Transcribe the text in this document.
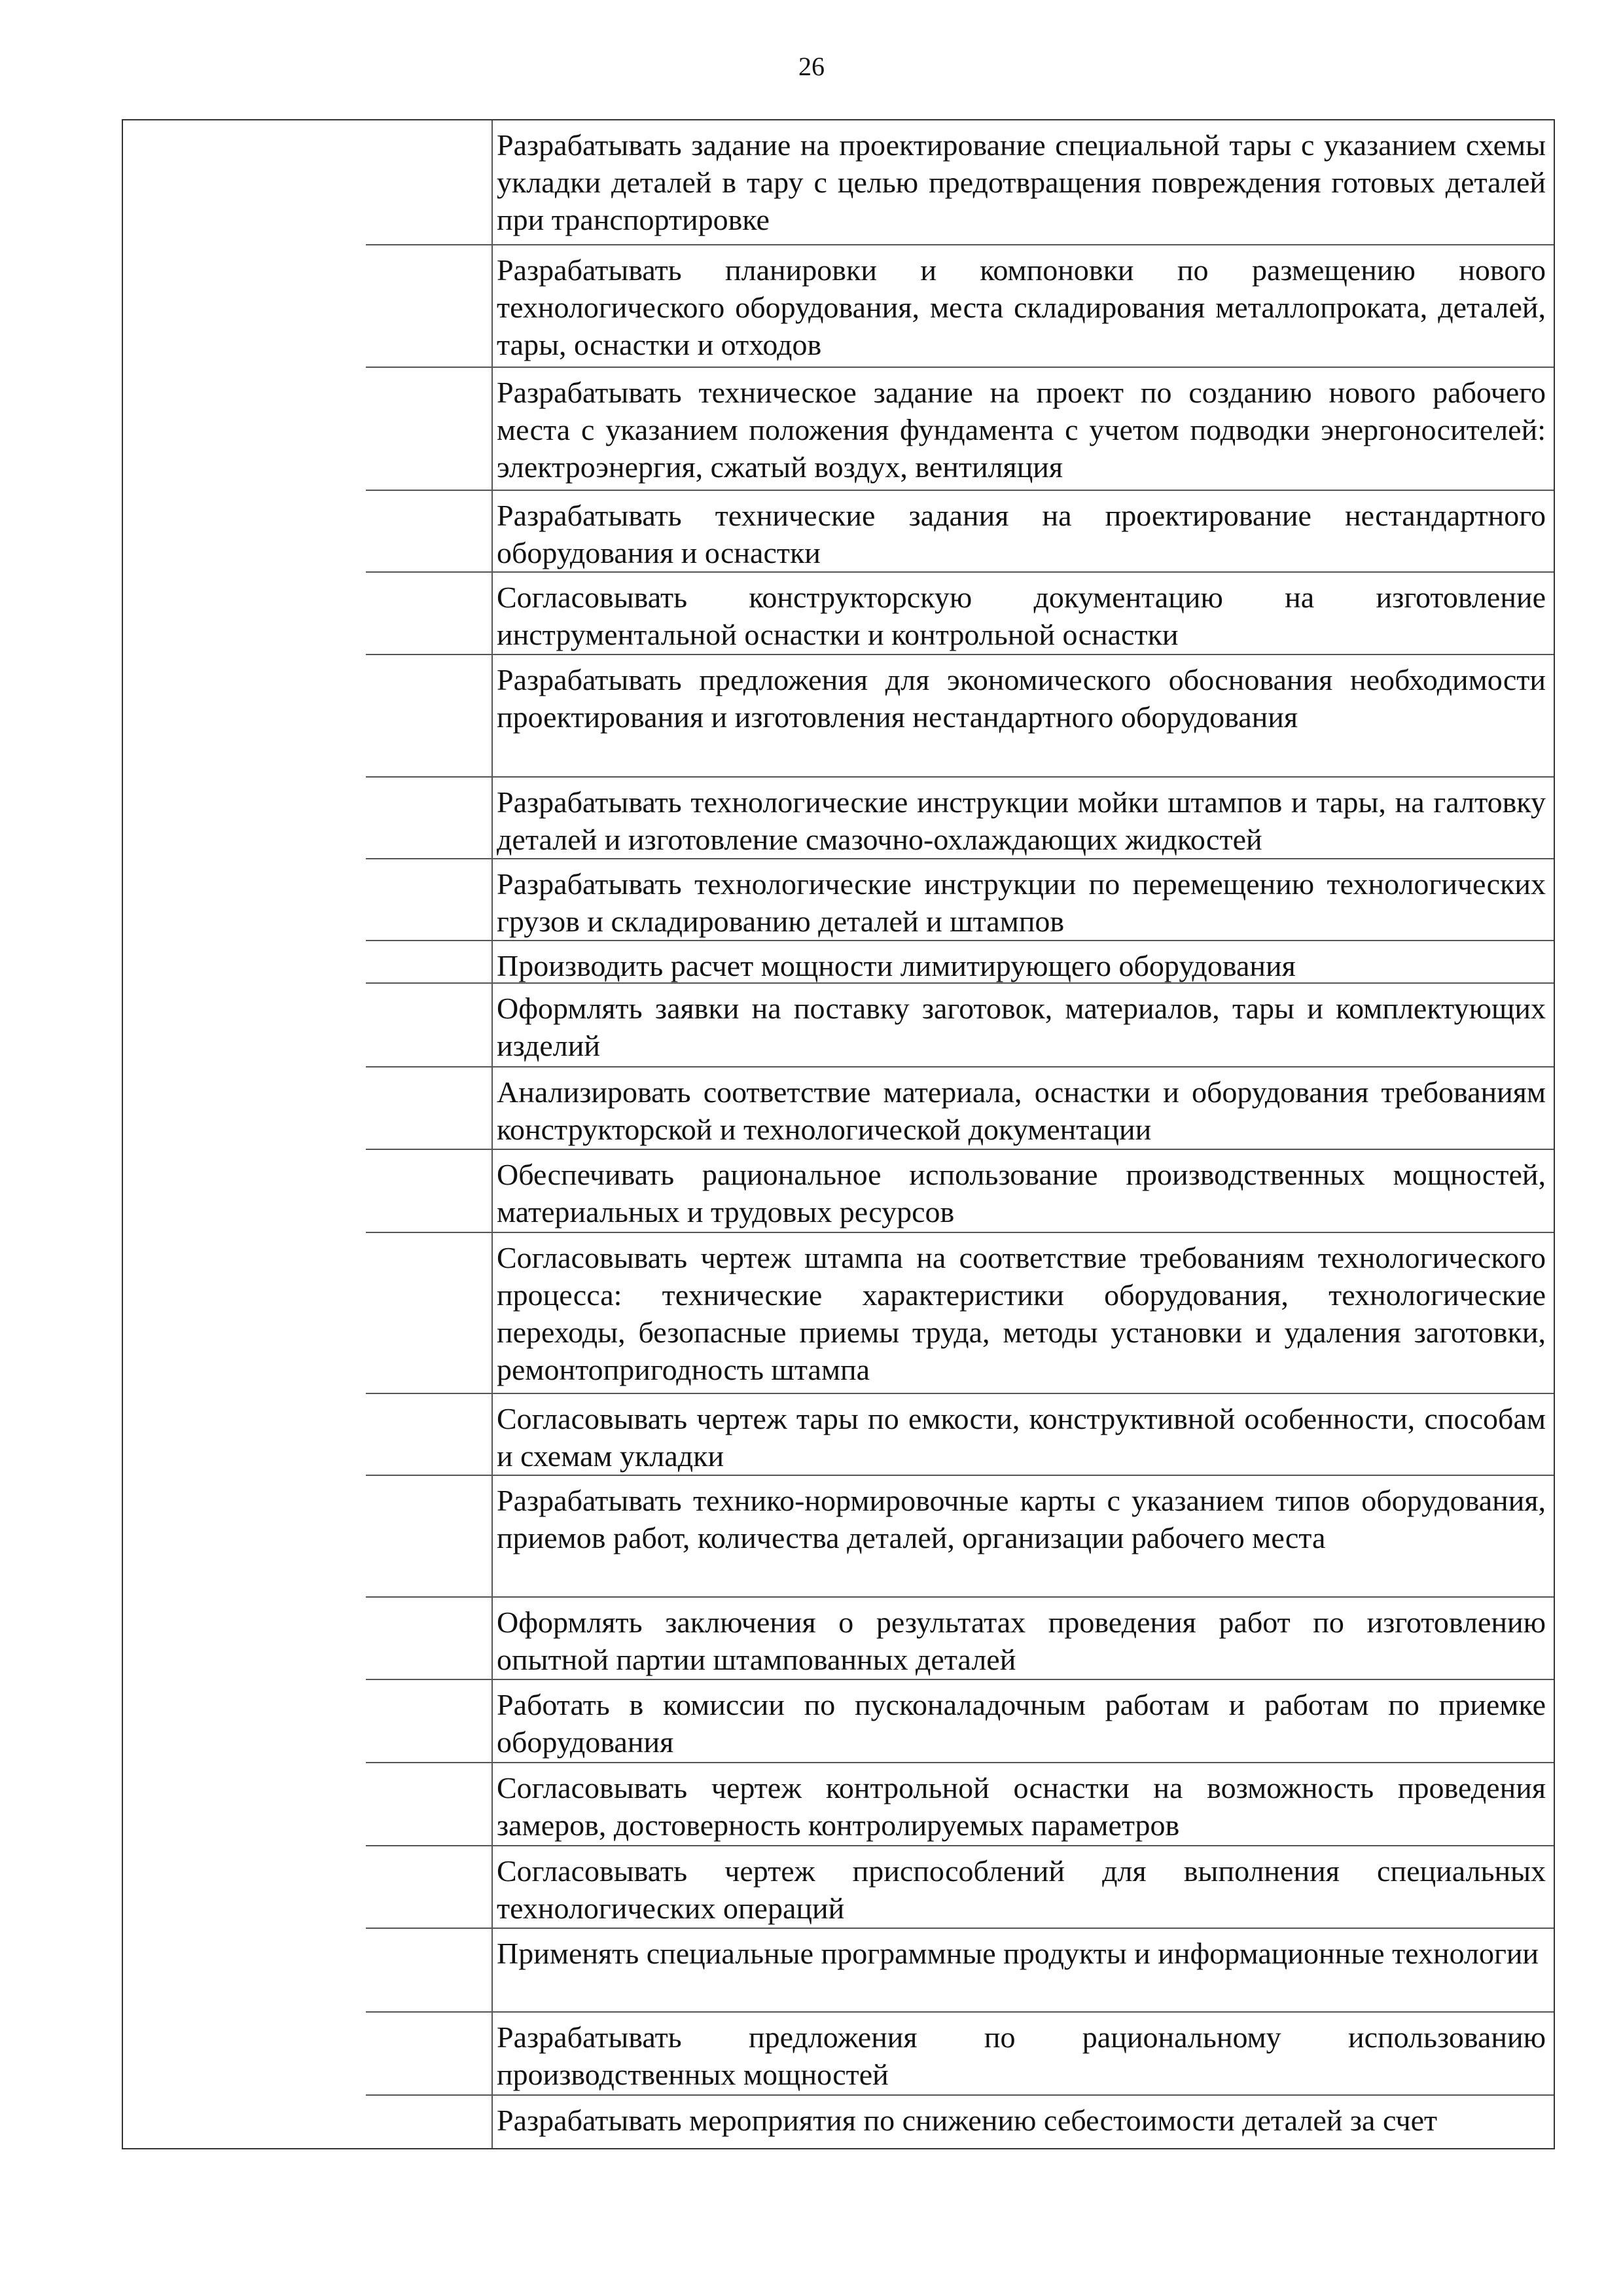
26
Разрабатывать задание на проектирование специальной тары с указанием схемы укладки деталей в тару с целью предотвращения повреждения готовых деталей при транспортировке
Разрабатывать планировки и компоновки по размещению нового технологического оборудования, места складирования металлопроката, деталей, тары, оснастки и отходов
Разрабатывать техническое задание на проект по созданию нового рабочего места с указанием положения фундамента с учетом подводки энергоносителей: электроэнергия, сжатый воздух, вентиляция
Разрабатывать технические задания на проектирование нестандартного оборудования и оснастки
Согласовывать конструкторскую документацию на изготовление инструментальной оснастки и контрольной оснастки
Разрабатывать предложения для экономического обоснования необходимости проектирования и изготовления нестандартного оборудования
Разрабатывать технологические инструкции мойки штампов и тары, на галтовку деталей и изготовление смазочно-охлаждающих жидкостей
Разрабатывать технологические инструкции по перемещению технологических грузов и складированию деталей и штампов
Производить расчет мощности лимитирующего оборудования
Оформлять заявки на поставку заготовок, материалов, тары и комплектующих изделий
Анализировать соответствие материала, оснастки и оборудования требованиям конструкторской и технологической документации
Обеспечивать рациональное использование производственных мощностей, материальных и трудовых ресурсов
Согласовывать чертеж штампа на соответствие требованиям технологического процесса: технические характеристики оборудования, технологические переходы, безопасные приемы труда, методы установки и удаления заготовки, ремонтопригодность штампа
Согласовывать чертеж тары по емкости, конструктивной особенности, способам и схемам укладки
Разрабатывать технико-нормировочные карты с указанием типов оборудования, приемов работ, количества деталей, организации рабочего места
Оформлять заключения о результатах проведения работ по изготовлению опытной партии штампованных деталей
Работать в комиссии по пусконаладочным работам и работам по приемке оборудования
Согласовывать чертеж контрольной оснастки на возможность проведения замеров, достоверность контролируемых параметров
Согласовывать чертеж приспособлений для выполнения специальных технологических операций
Применять специальные программные продукты и информационные технологии
Разрабатывать предложения по рациональному использованию производственных мощностей
Разрабатывать мероприятия по снижению себестоимости деталей за счет
